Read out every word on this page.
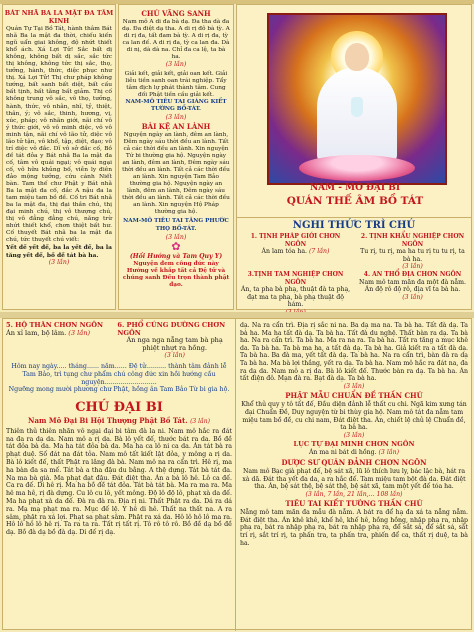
BÁT NHÃ BA LA MẬT ĐA TÂM KINH

Quán Tự Tại Bồ Tát, hành thâm Bát nhã Ba la mật đa thời, chiếu kiến ngũ uẩn giai không, độ nhứt thiết khổ ách. Xá Lợi Tử! Sắc bất dị không, không bất dị sắc, sắc tức thị không, không tức thị sắc, thọ, tưởng, hành, thức, diệc phục như thị. Xá Lợi Tử! Thị chư pháp không tướng, bất sanh bất diệt, bất cấu bất tịnh, bất tăng bất giảm. Thị cố không trung vô sắc, vô thọ, tưởng, hành, thức, vô nhãn, nhĩ, tỷ, thiệt, thân, ý; vô sắc, thinh, hương, vị, xúc, pháp; vô nhãn giới, nãi chí vô ý thức giới, vô vô minh diệc, vô vô minh tận, nãi chí vô lão tử, diệc vô lão tử tận, vô khổ, tập, diệt, đạo; vô trí diệc vô đắc. Dĩ vô sở đắc cố, Bồ đề tát đỏa y Bát nhã Ba la mật đa cố, tâm vô quái ngại; vô quái ngại cố, vô hữu khủng bố, viễn ly điên đảo mộng tưởng, cứu cánh Niết bàn. Tam thế chư Phật y Bát nhã Ba la mật đa cố, đắc A nậu đa la tam miệu tam bồ đề. Cố tri Bát nhã ba la mật đa, thị đại thần chú, thị đại minh chú, thị vô thượng chú, thị vô đẳng đẳng chú, năng trừ nhứt thiết khổ, chơn thiệt bất hư. Cố thuyết Bát nhã ba la mật đa chú, tức thuyết chú viết:

Yết đế yết đế, ba la yết đế, ba la tăng yết đế, bồ đề tát bà ha.

(3 lần)

CHÚ VÃNG SANH

Nam mô A di đa bà dạ. Đa tha dà đa dạ. Đa điệt dạ tha. A di rị đô bà tỳ. A di rị đa, tất đam bà tỳ. A di rị đa, tỳ ca lan đế. A di rị đa, tỳ ca lan đa. Dà di nị, dà dà na. Chỉ đa ca lệ, ta bà ha.

(3 lần)

Giải kết, giải kết, giải oan kết. Giải liễu tiền sanh oan trái nghiệp. Tẩy tâm địch lự phát thành tâm. Cung đối Phật tiền cầu giải kết.

NAM-MÔ TIÊU TAI GIÁNG KIẾT TƯỜNG BỒ-TÁT.

(3 lần)

BÀI KỆ AN LÀNH

Nguyện ngày an lành, đêm an lành, Đêm ngày sáu thời đều an lành. Tất cả các thời đều an lành. Xin nguyện Tứ bi thường gia hộ. Nguyện ngày an lành, đêm an lành, Đêm ngày sáu thời đều an lành. Tất cả các thời đều an lành. Xin nguyện Tam Bảo thường gia hộ. Nguyện ngày an lành, đêm an lành, Đêm ngày sáu thời đều an lành. Tất cả các thời đều an lành. Xin nguyện Hộ Pháp thường gia hộ.

NAM-MÔ TIÊU TAI TĂNG PHƯỚC THỌ BỒ-TÁT.

(3 lần)

✿

(Hồi Hướng và Tam Quy Y)

Nguyện đem công đức này Hướng về khắp tất cả Đệ tử và chúng sanh Đều trọn thành phật đạo.

NAM - MÔ ĐẠI BI
QUÁN THẾ ÂM BỒ TÁT

NGHI THỨC TRÌ CHÚ

1. TỊNH PHÁP GIỚI CHƠN NGÔN

Án lam tóa ha. (7 lần)

2. TỊNH KHẨU NGHIỆP CHƠN NGÔN

Tu rị, tu rị, ma ha tu rị tu tu rị, ta bà ha.

(3 lần)

3.TỊNH TAM NGHIỆP CHƠN NGÔN

Án, ta pha bà phạ, thuật đà ta phạ, đạt ma ta phạ, bà phạ thuật độ hám.

4. AN THỔ ĐỊA CHƠN NGÔN

Nam mô tam mãn đa một đà nẫm. Án độ rô độ rô, địa vĩ ta bà ha.

(3 lần)

5. HỘ THÂN CHƠN NGÔN

Án xỉ lam, bộ lâm. (3 lần)

6. PHỔ CÚNG DƯỜNG CHƠN NGÔN

Án nga nga nẵng tam bà phạ phiệt nhựt ra hồng.

(3 lần)

Hôm nay ngày..... tháng...... năm...... Đệ tử.......... thành tâm đảnh lễ Tam Bảo, trì tụng chư phẩm chú công đức xin hồi hướng cầu nguyện..........................

Ngưỡng mong mười phương chư Phật, hồng ân Tam Bảo Từ bi gia hộ.

CHÚ ĐẠI BI

Nam Mô Đại Bi Hội Thượng Phật Bồ Tát. (3 lần)

Thiên thủ thiên nhãn vô ngại đại bi tâm đà la ni. Nam mô hắc ra đát na đa ra dạ da. Nam mô a rị da. Bà lô yết đế, thước bát ra da. Bồ đề tát đỏa bà da. Ma ha tát đỏa bà da. Ma ha ca lô ni ca da. Án tát bà ra phạt duệ. Số đát na đát tỏa. Nam mô tất kiết lật đỏa, y mông a rị da. Bà lô kiết đế, thất Phật ra lăng đà bà. Nam mô na ra cẩn trì. Hê rị, ma ha bàn đa sa mế. Tát bà a tha đậu du bằng. A thệ dựng. Tát bà tát đa. Na ma bà già. Ma phạt đạt đậu. Đát điệt tha. Án a bà lô hê. Lô ca đế. Ca ra đế. Di hê rị. Ma ha bồ đề tát đỏa. Tát bà tát bà. Ma ra ma ra. Ma hê ma hê, rị đà dựng. Cu lô cu lô, yết mông. Độ lô độ lô, phạt xà da đế. Ma ha phạt xà da đế. Đà ra đà ra. Địa rị ni. Thất Phật ra da. Dá ra dá ra. Mạ mạ phạt ma ra. Mục đế lệ. Y hê di hê. Thất na thất na. A ra sâm, phật ra xá lợi. Phạt sa phạt sâm. Phật ra xá da. Hô lô hô lô ma ra. Hô lô hô lô hê rị. Ta ra ta ra. Tất rị tất rị. Tô rô tô rô. Bồ đề dạ bồ đề dạ. Bồ đà dạ bồ đà dạ. Di đế rị dạ.

dạ. Na ra cẩn trì. Địa rị sắc ni na. Ba dạ ma na. Ta bà ha. Tất đà dạ. Ta bà ha. Ma ha tất đà dạ. Ta bà ha. Tất đà du nghệ. Thất bàn ra dạ. Ta bà ha. Na ra cẩn trì. Ta bà ha. Ma ra na ra. Ta bà ha. Tất ra tăng a mục khê da. Ta bà ha. Ta bà ma ha, a tất đà dạ. Ta bà ha. Giả kiết ra a tất đà dạ. Ta bà ha. Ba đà ma, yết tất đà dạ. Ta bà ha. Na ra cẩn trì, bàn đà ra dạ Ta bà ha. Ma bà lợi thắng, yết ra dạ. Ta bà ha. Nam mô hắc ra đát na, đa ra dạ da. Nam mô a rị da. Bà lô kiết đế. Thước bàn ra dạ. Ta bà ha. Án tất điện đô. Mạn đà ra. Bạt đà dạ. Ta bà ha.

(3 lần)

PHẬT MẪU CHUẨN ĐỀ THẦN CHÚ

Khể thủ quy y tô tất đế, Đầu diện đảnh lễ thất cu chi. Ngã kim xưng tán đại Chuẩn Đề, Duy nguyện từ bi thùy gia hộ. Nam mô tát đa nẫm tam miệu tam bồ đề, cu chi nam, Đát điệt tha. Án, chiết lệ chủ lệ Chuẩn đề, ta bà ha.

(3 lần)

LỤC TỰ ĐẠI MINH CHƠN NGÔN

Án ma ni bát di hồng. (3 lần)

DƯỢC SƯ QUÁN ĐẢNH CHƠN NGÔN

Nam mô Bạc già phạt đế, bệ sát xã, lũ lô thích lưu ly, bác lặc bà, hát ra xà dã. Đát tha yết đa da, a ra hắc đế. Tam miệu tam bột đà da. Đát điệt tha. Án, bệ sát thệ, bệ sát thệ, bệ sát xã, tam một yết đế tóa ha.

(3 lần, 7 lần, 21 lần,... 108 lần)

TIÊU TAI KIẾT TƯỜNG THẦN CHÚ

Nẵng mô tam mãn đa mẫu đà nẫm. A bát ra để hạ đa xá ta nẵng nẫm. Đát điệt tha. Án khê khê, khế hê, khế hê, hồng hồng, nhập phạ ra, nhập phạ ra, bát ra nhập phạ ra, bát ra nhập phạ ra, để sắt sá, để sắt sá, sắt trí rị, sắt trí rị, ta phấn tra, ta phấn tra, phiến để ca, thất rị duệ, ta bà ha.
